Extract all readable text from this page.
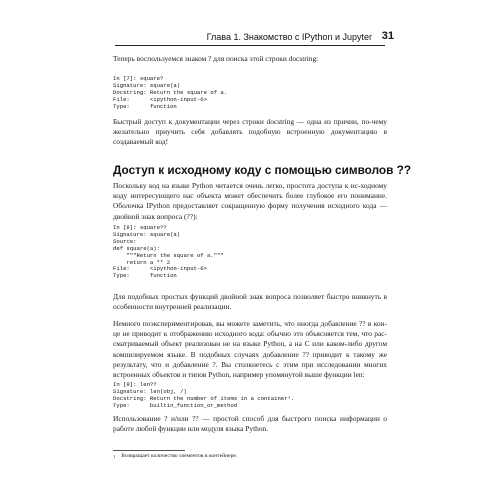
Глава 1. Знакомство с IPython и Jupyter 31

Теперь воспользуемся знаком ? для поиска этой строки docstring:

In [7]: square?
Signature: square(a)
Docstring: Return the square of a.
File:      <ipython-input-6>
Type:      function

Быстрый доступ к документации через строки docstring — одна из причин, по-чему желательно приучить себя добавлять подобную встроенную документацию в создаваемый код!

Доступ к исходному коду с помощью символов ??

Поскольку код на языке Python читается очень легко, простота доступа к ис-ходному коду интересующего нас объекта может обеспечить более глубокое его понимание. Оболочка IPython предоставляет сокращенную форму получения исходного кода — двойной знак вопроса (??):

In [8]: square??
Signature: square(a)
Source:
def square(a):
"""Return the square of a."""
return a ** 2
File:      <ipython-input-6>
Type:      function

Для подобных простых функций двойной знак вопроса позволяет быстро вникнуть в особенности внутренней реализации.

Немного поэкспериментировав, вы можете заметить, что иногда добавление ?? в кон-це не приводит к отображению исходного кода: обычно это объясняется тем, что рас-сматриваемый объект реализован не на языке Python, а на C или каком-либо другом компилируемом языке. В подобных случаях добавление ?? приводит к такому же результату, что и добавление ?. Вы столкнетесь с этим при исследовании многих встроенных объектов и типов Python, например упомянутой выше функции len:

In [9]: len??
Signature: len(obj, /)
Docstring: Return the number of items in a container¹.
Type:      builtin_function_or_method

Использование ? и/или ?? — простой способ для быстрого поиска информации о работе любой функции или модуля языка Python.

$^1$ Возвращает количество элементов в контейнере.
